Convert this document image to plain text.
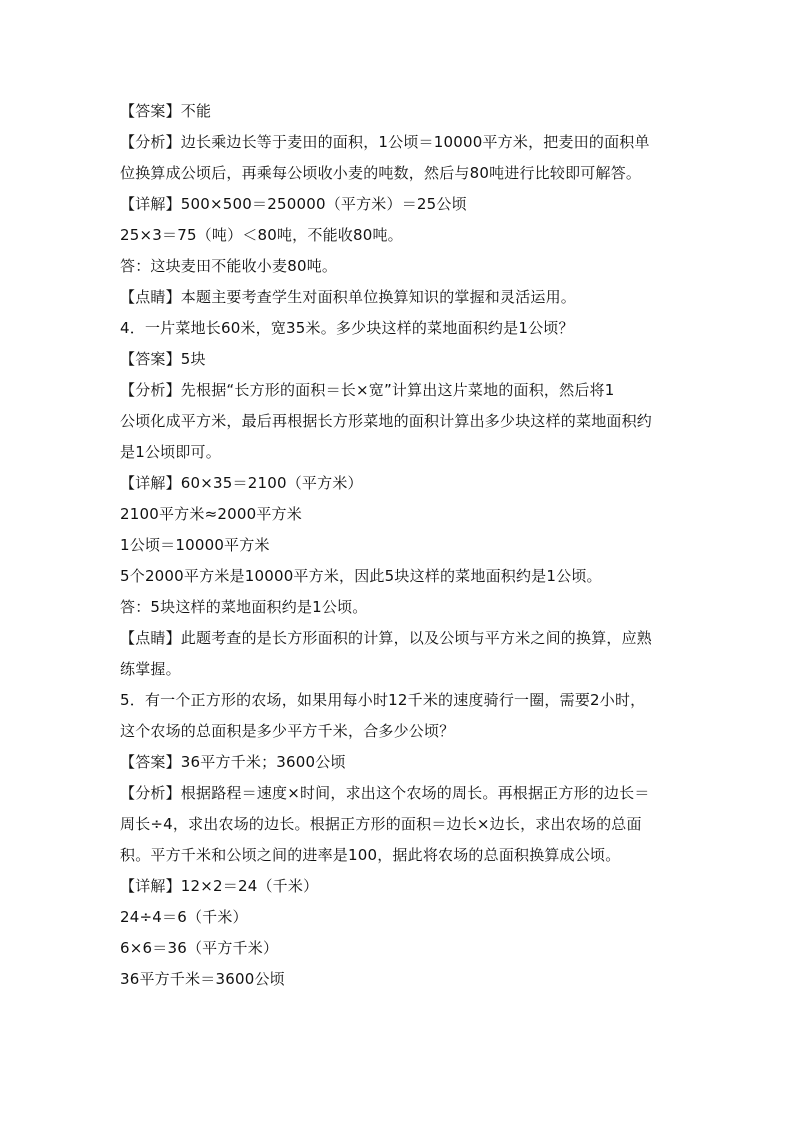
【答案】不能
【分析】边长乘边长等于麦田的面积，1公顷＝10000平方米，把麦田的面积单
位换算成公顷后，再乘每公顷收小麦的吨数，然后与80吨进行比较即可解答。
【详解】500×500＝250000（平方米）＝25公顷
25×3＝75（吨）＜80吨，不能收80吨。
答：这块麦田不能收小麦80吨。
【点睛】本题主要考查学生对面积单位换算知识的掌握和灵活运用。
4．一片菜地长60米，宽35米。多少块这样的菜地面积约是1公顷？
【答案】5块
【分析】先根据“长方形的面积＝长×宽”计算出这片菜地的面积，然后将1
公顷化成平方米，最后再根据长方形菜地的面积计算出多少块这样的菜地面积约
是1公顷即可。
【详解】60×35＝2100（平方米）
2100平方米≈2000平方米
1公顷＝10000平方米
5个2000平方米是10000平方米，因此5块这样的菜地面积约是1公顷。
答：5块这样的菜地面积约是1公顷。
【点睛】此题考查的是长方形面积的计算，以及公顷与平方米之间的换算，应熟
练掌握。
5．有一个正方形的农场，如果用每小时12千米的速度骑行一圈，需要2小时，
这个农场的总面积是多少平方千米，合多少公顷？
【答案】36平方千米；3600公顷
【分析】根据路程＝速度×时间，求出这个农场的周长。再根据正方形的边长＝
周长÷4，求出农场的边长。根据正方形的面积＝边长×边长，求出农场的总面
积。平方千米和公顷之间的进率是100，据此将农场的总面积换算成公顷。
【详解】12×2＝24（千米）
24÷4＝6（千米）
6×6＝36（平方千米）
36平方千米＝3600公顷
